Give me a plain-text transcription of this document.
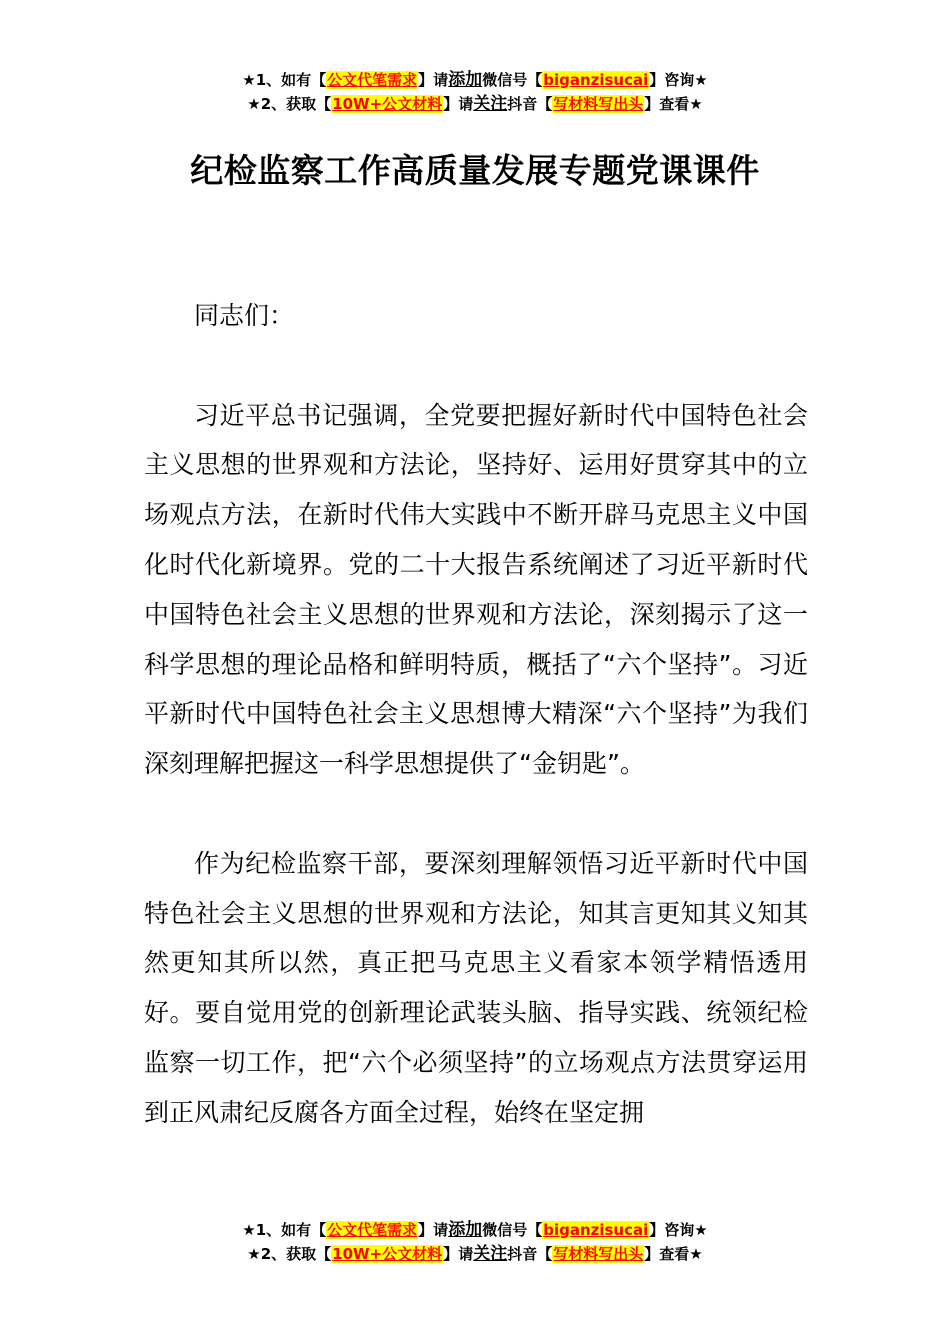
★1、如有【公文代笔需求】请添加微信号【biganzisucai】咨询★
★2、获取【10W+公文材料】请关注抖音【写材料写出头】查看★
纪检监察工作高质量发展专题党课课件

同志们：

习近平总书记强调，全党要把握好新时代中国特色社会主义思想的世界观和方法论，坚持好、运用好贯穿其中的立场观点方法，在新时代伟大实践中不断开辟马克思主义中国化时代化新境界。党的二十大报告系统阐述了习近平新时代中国特色社会主义思想的世界观和方法论，深刻揭示了这一科学思想的理论品格和鲜明特质，概括了“六个坚持”。习近平新时代中国特色社会主义思想博大精深“六个坚持”为我们深刻理解把握这一科学思想提供了“金钥匙”。

作为纪检监察干部，要深刻理解领悟习近平新时代中国特色社会主义思想的世界观和方法论，知其言更知其义知其然更知其所以然，真正把马克思主义看家本领学精悟透用好。要自觉用党的创新理论武装头脑、指导实践、统领纪检监察一切工作，把“六个必须坚持”的立场观点方法贯穿运用到正风肃纪反腐各方面全过程，始终在坚定拥

★1、如有【公文代笔需求】请添加微信号【biganzisucai】咨询★
★2、获取【10W+公文材料】请关注抖音【写材料写出头】查看★
